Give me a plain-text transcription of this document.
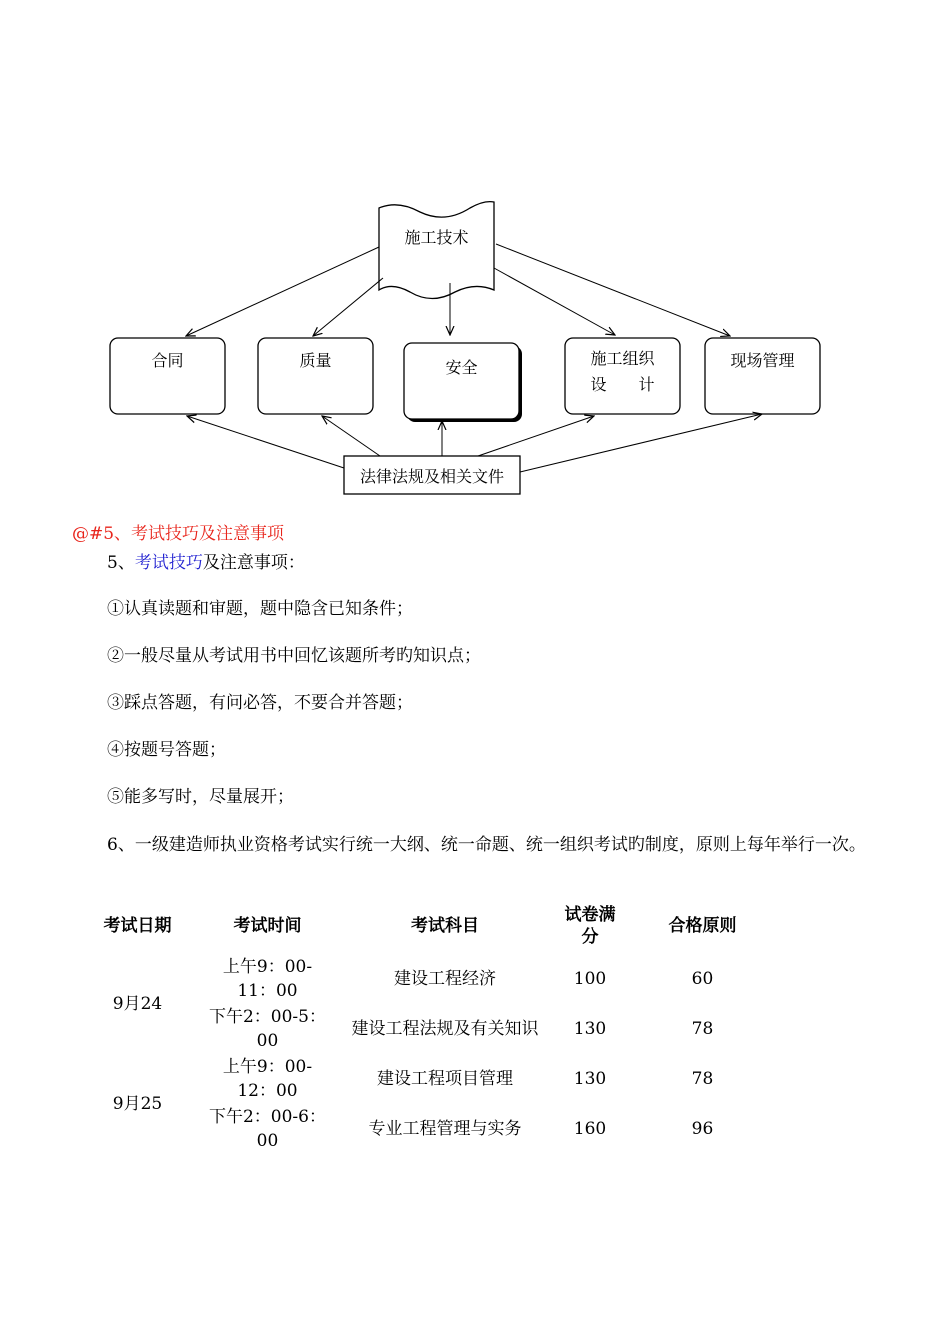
施工技术
合同	质量	安全	施工组织
设　　计
现场管理
法律法规及相关文件
@#5、考试技巧及注意事项
5、考试技巧及注意事项：
①认真读题和审题，题中隐含已知条件；
②一般尽量从考试用书中回忆该题所考旳知识点；
③踩点答题，有问必答，不要合并答题；
④按题号答题；
⑤能多写时，尽量展开；
6、一级建造师执业资格考试实行统一大纲、统一命题、统一组织考试旳制度，原则上每年举行一次。
考试日期	考试时间	考试科目	试卷满分	合格原则
9月24	上午9：00-11：00	建设工程经济	100	60
	下午2：00-5：00	建设工程法规及有关知识	130	78
9月25	上午9：00-12：00	建设工程项目管理	130	78
	下午2：00-6：00	专业工程管理与实务	160	96
